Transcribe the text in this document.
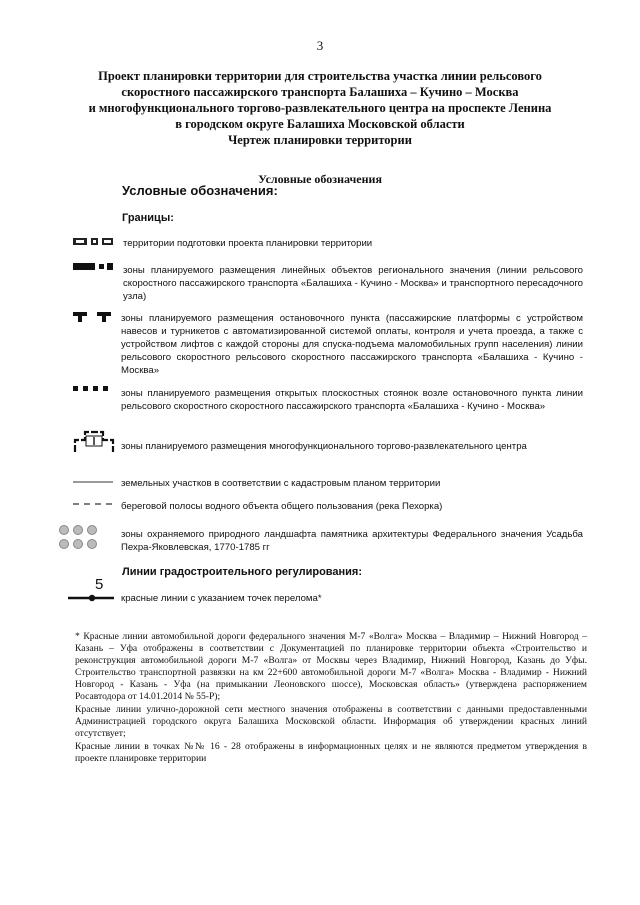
3
Проект планировки территории для строительства участка линии рельсового
скоростного пассажирского транспорта Балашиха – Кучино – Москва
и многофункционального торгово-развлекательного центра на проспекте Ленина
в городском округе Балашиха Московской области
Чертеж планировки территории
Условные обозначения
Условные обозначения:
Границы:
территории подготовки проекта планировки территории
зоны планируемого размещения линейных объектов регионального значения (линии рельсового скоростного пассажирского транспорта «Балашиха - Кучино - Москва» и транспортного пересадочного узла)
зоны планируемого размещения остановочного пункта (пассажирские платформы с устройством навесов и турникетов с автоматизированной системой оплаты, контроля и учета проезда, а также с устройством лифтов с каждой стороны для спуска-подъема маломобильных групп населения) линии рельсового скоростного рельсового скоростного пассажирского транспорта «Балашиха - Кучино - Москва»
зоны планируемого размещения открытых плоскостных стоянок возле остановочного пункта линии рельсового скоростного скоростного пассажирского транспорта «Балашиха - Кучино - Москва»
зоны планируемого размещения многофункционального торгово-развлекательного центра
земельных участков в соответствии с кадастровым планом территории
береговой полосы водного объекта общего пользования (река Пехорка)
зоны охраняемого природного ландшафта памятника архитектуры Федерального значения Усадьба Пехра-Яковлевская, 1770-1785 гг
Линии градостроительного регулирования:
5
красные линии с указанием точек перелома*

* Красные линии автомобильной дороги федерального значения М-7 «Волга» Москва – Владимир – Нижний Новгород – Казань – Уфа отображены в соответствии с Документацией по планировке территории объекта «Строительство и реконструкция автомобильной дороги М-7 «Волга» от Москвы через Владимир, Нижний Новгород, Казань до Уфы. Строительство транспортной развязки на км 22+600 автомобильной дороги М-7 «Волга» Москва - Владимир - Нижний Новгород - Казань - Уфа (на примыкании Леоновского шоссе), Московская область» (утверждена распоряжением Росавтодора от 14.01.2014 № 55-Р);

Красные линии улично-дорожной сети местного значения отображены в соответствии с данными предоставленными Администрацией городского округа Балашиха Московской области. Информация об утверждении красных линий отсутствует;

Красные линии в точках №№ 16 - 28 отображены в информационных целях и не являются предметом утверждения в проекте планировке территории
